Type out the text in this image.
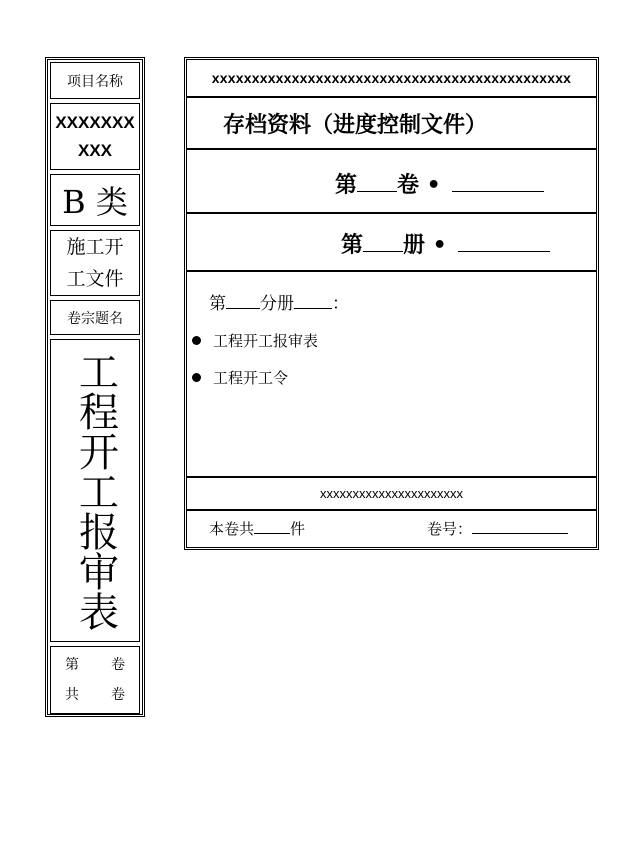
项目名称
XXXXXXX
XXX
B 类
施工开
工文件
卷宗题名
工程开工报审表
第 卷
共 卷
xxxxxxxxxxxxxxxxxxxxxxxxxxxxxxxxxxxxxxxxxxxxx
存档资料（进度控制文件）
第 卷 •
第 册 •
第 分册 ：
工程开工报审表
工程开工令
xxxxxxxxxxxxxxxxxxxxxx
本卷共 件	卷号：
